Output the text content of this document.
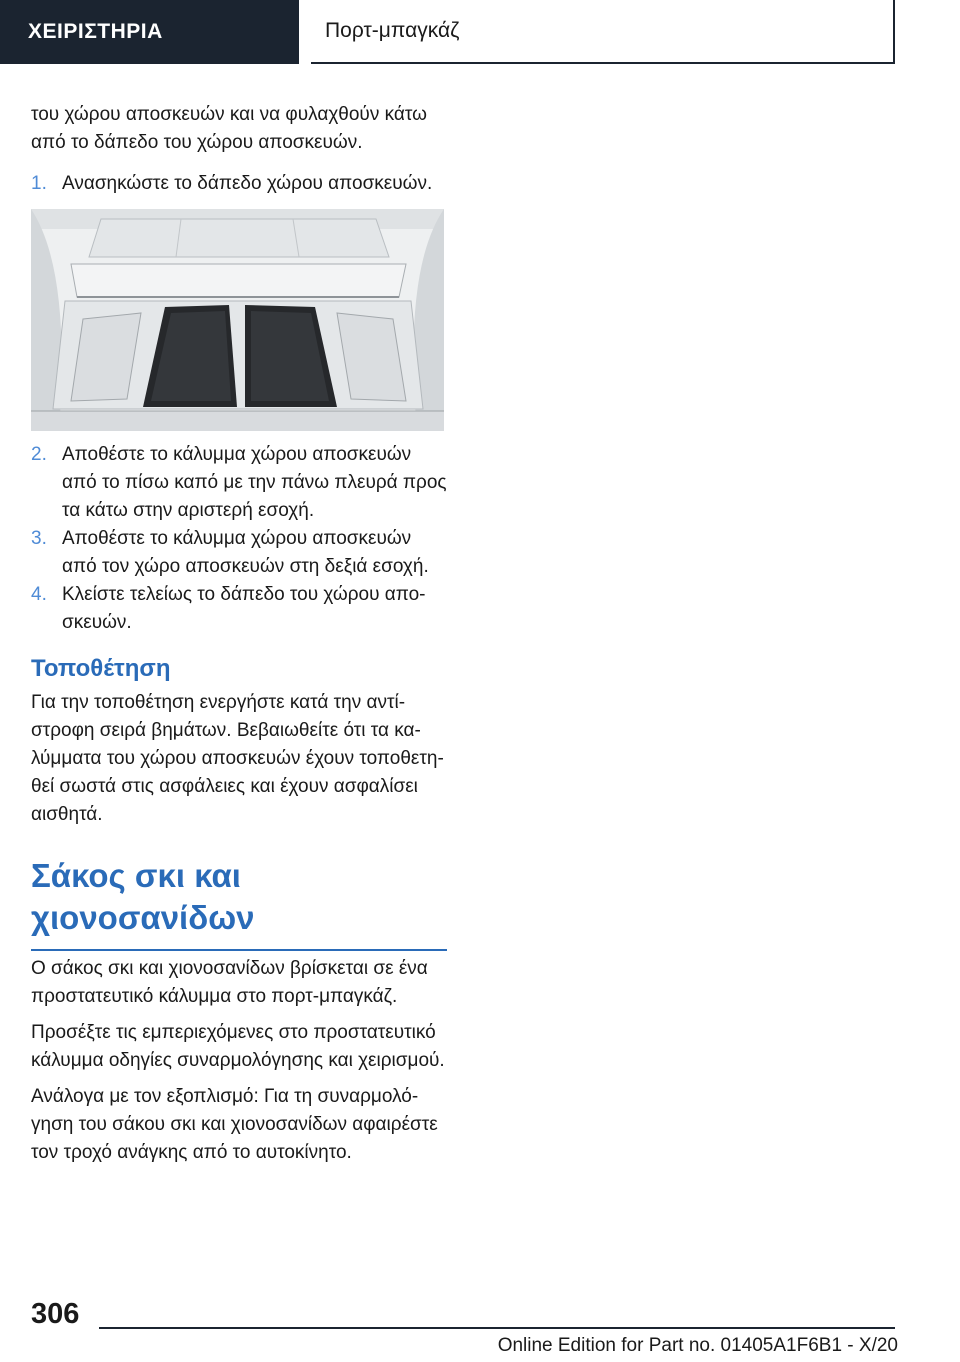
ΧΕΙΡΙΣΤΗΡΙΑ	Πορτ-μπαγκάζ

του χώρου αποσκευών και να φυλαχθούν κάτω από το δάπεδο του χώρου αποσκευών.

1. Ανασηκώστε το δάπεδο χώρου αποσκευών.
2. Αποθέστε το κάλυμμα χώρου αποσκευών από το πίσω καπό με την πάνω πλευρά προς τα κάτω στην αριστερή εσοχή.
3. Αποθέστε το κάλυμμα χώρου αποσκευών από τον χώρο αποσκευών στη δεξιά εσοχή.
4. Κλείστε τελείως το δάπεδο του χώρου αποσκευών.
Τοποθέτηση

Για την τοποθέτηση ενεργήστε κατά την αντίστροφη σειρά βημάτων. Βεβαιωθείτε ότι τα καλύμματα του χώρου αποσκευών έχουν τοποθετηθεί σωστά στις ασφάλειες και έχουν ασφαλίσει αισθητά.

Σάκος σκι και
χιονοσανίδων

Ο σάκος σκι και χιονοσανίδων βρίσκεται σε ένα προστατευτικό κάλυμμα στο πορτ-μπαγκάζ.

Προσέξτε τις εμπεριεχόμενες στο προστατευτικό κάλυμμα οδηγίες συναρμολόγησης και χειρισμού.

Ανάλογα με τον εξοπλισμό: Για τη συναρμολόγηση του σάκου σκι και χιονοσανίδων αφαιρέστε τον τροχό ανάγκης από το αυτοκίνητο.

306
Online Edition for Part no. 01405A1F6B1 - X/20
